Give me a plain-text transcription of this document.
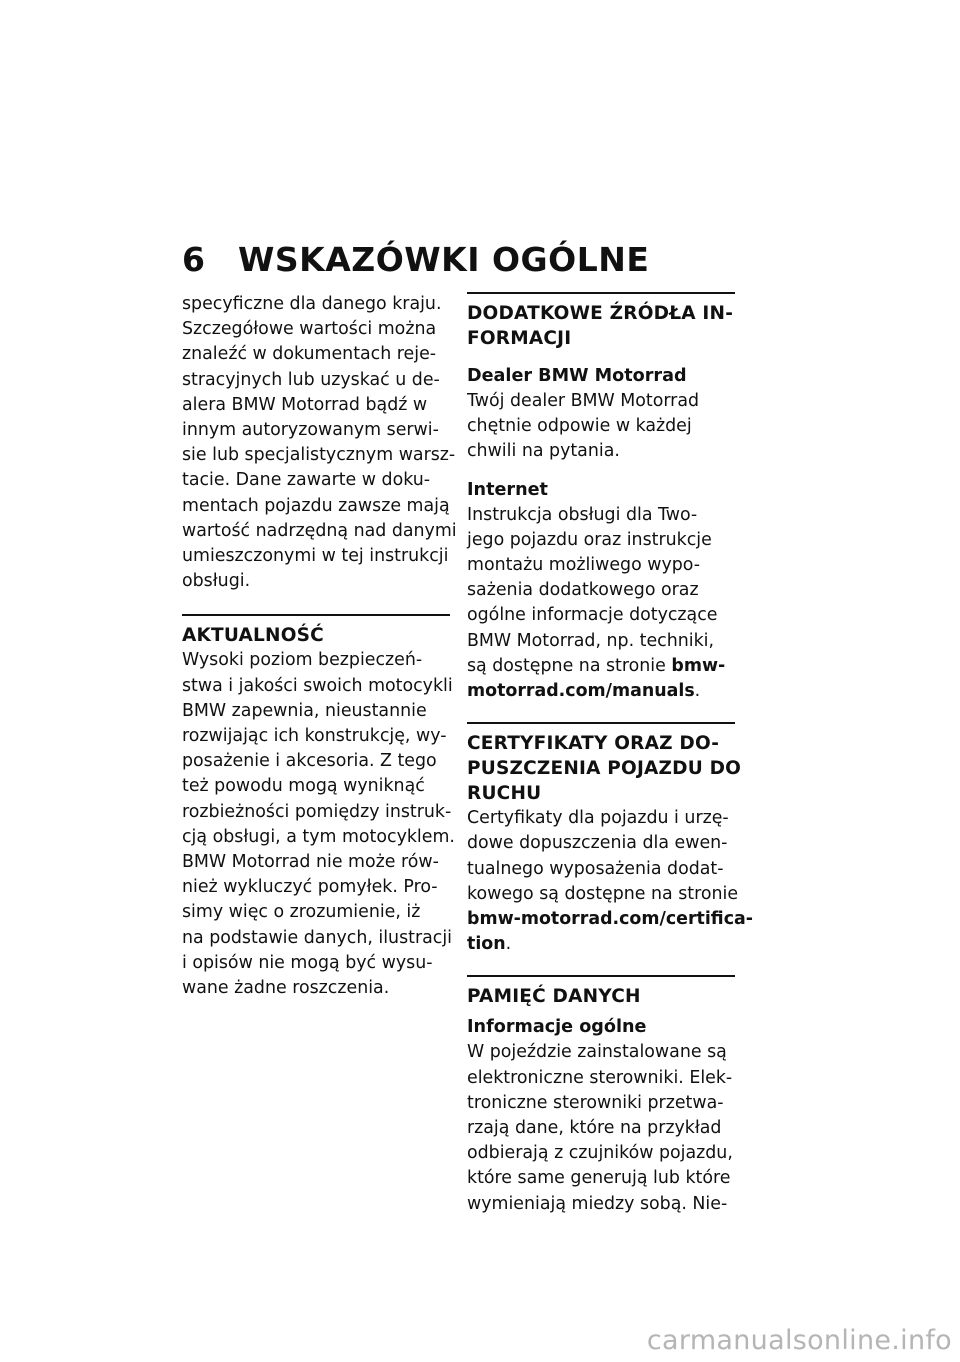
6 WSKAZÓWKI OGÓLNE
specyficzne dla danego kraju.
Szczegółowe wartości można
znaleźć w dokumentach reje-
stracyjnych lub uzyskać u de-
alera BMW Motorrad bądź w
innym autoryzowanym serwi-
sie lub specjalistycznym warsz-
tacie. Dane zawarte w doku-
mentach pojazdu zawsze mają
wartość nadrzędną nad danymi
umieszczonymi w tej instrukcji
obsługi.
AKTUALNOŚĆ
Wysoki poziom bezpieczeń-
stwa i jakości swoich motocykli
BMW zapewnia, nieustannie
rozwijając ich konstrukcję, wy-
posażenie i akcesoria. Z tego
też powodu mogą wyniknąć
rozbieżności pomiędzy instruk-
cją obsługi, a tym motocyklem.
BMW Motorrad nie może rów-
nież wykluczyć pomyłek. Pro-
simy więc o zrozumienie, iż
na podstawie danych, ilustracji
i opisów nie mogą być wysu-
wane żadne roszczenia.
DODATKOWE ŹRÓDŁA IN-
FORMACJI
Dealer BMW Motorrad
Twój dealer BMW Motorrad
chętnie odpowie w każdej
chwili na pytania.
Internet
Instrukcja obsługi dla Two-
jego pojazdu oraz instrukcje
montażu możliwego wypo-
sażenia dodatkowego oraz
ogólne informacje dotyczące
BMW Motorrad, np. techniki,
są dostępne na stronie bmw-
motorrad.com/manuals.
CERTYFIKATY ORAZ DO-
PUSZCZENIA POJAZDU DO
RUCHU
Certyfikaty dla pojazdu i urzę-
dowe dopuszczenia dla ewen-
tualnego wyposażenia dodat-
kowego są dostępne na stronie
bmw-motorrad.com/certifica-
tion.
PAMIĘĆ DANYCH
Informacje ogólne
W pojeździe zainstalowane są
elektroniczne sterowniki. Elek-
troniczne sterowniki przetwa-
rzają dane, które na przykład
odbierają z czujników pojazdu,
które same generują lub które
wymieniają miedzy sobą. Nie-
carmanualsonline.info
